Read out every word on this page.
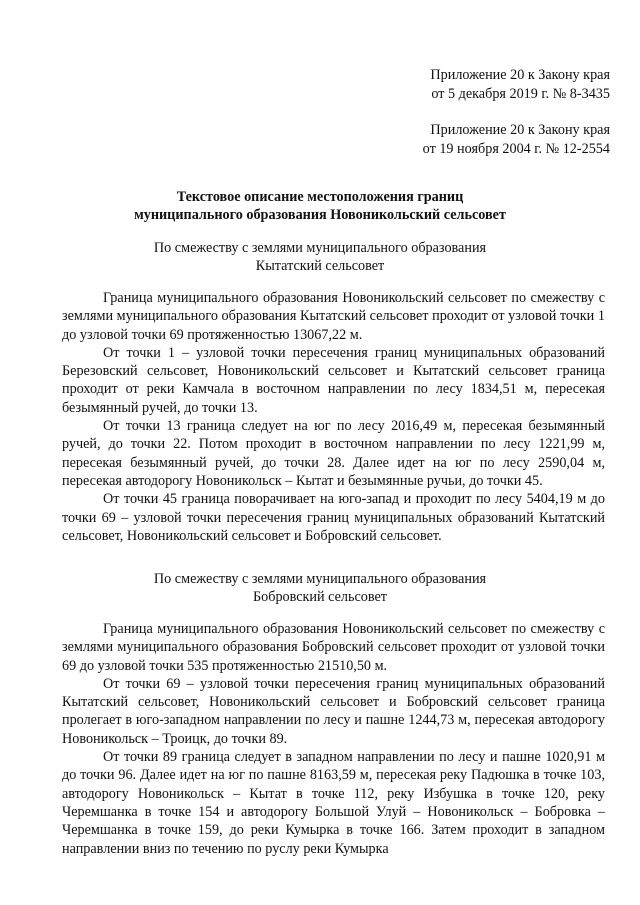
Приложение 20 к Закону края
от 5 декабря 2019 г. № 8-3435
Приложение 20 к Закону края
от 19 ноября 2004 г. № 12-2554
Текстовое описание местоположения границ
муниципального образования Новоникольский сельсовет
По смежеству с землями муниципального образования
Кытатский сельсовет

Граница муниципального образования Новоникольский сельсовет по смежеству с землями муниципального образования Кытатский сельсовет проходит от узловой точки 1 до узловой точки 69 протяженностью 13067,22 м.

От точки 1 – узловой точки пересечения границ муниципальных образований Березовский сельсовет, Новоникольский сельсовет и Кытатский сельсовет граница проходит от реки Камчала в восточном направлении по лесу 1834,51 м, пересекая безымянный ручей, до точки 13.

От точки 13 граница следует на юг по лесу 2016,49 м, пересекая безымянный ручей, до точки 22. Потом проходит в восточном направлении по лесу 1221,99 м, пересекая безымянный ручей, до точки 28. Далее идет на юг по лесу 2590,04 м, пересекая автодорогу Новоникольск – Кытат и безымянные ручьи, до точки 45.

От точки 45 граница поворачивает на юго-запад и проходит по лесу 5404,19 м до точки 69 – узловой точки пересечения границ муниципальных образований Кытатский сельсовет, Новоникольский сельсовет и Бобровский сельсовет.

По смежеству с землями муниципального образования
Бобровский сельсовет

Граница муниципального образования Новоникольский сельсовет по смежеству с землями муниципального образования Бобровский сельсовет проходит от узловой точки 69 до узловой точки 535 протяженностью 21510,50 м.

От точки 69 – узловой точки пересечения границ муниципальных образований Кытатский сельсовет, Новоникольский сельсовет и Бобровский сельсовет граница пролегает в юго-западном направлении по лесу и пашне 1244,73 м, пересекая автодорогу Новоникольск – Троицк, до точки 89.

От точки 89 граница следует в западном направлении по лесу и пашне 1020,91 м до точки 96. Далее идет на юг по пашне 8163,59 м, пересекая реку Падюшка в точке 103, автодорогу Новоникольск – Кытат в точке 112, реку Избушка в точке 120, реку Черемшанка в точке 154 и автодорогу Большой Улуй – Новоникольск – Бобровка – Черемшанка в точке 159, до реки Кумырка в точке 166. Затем проходит в западном направлении вниз по течению по руслу реки Кумырка
